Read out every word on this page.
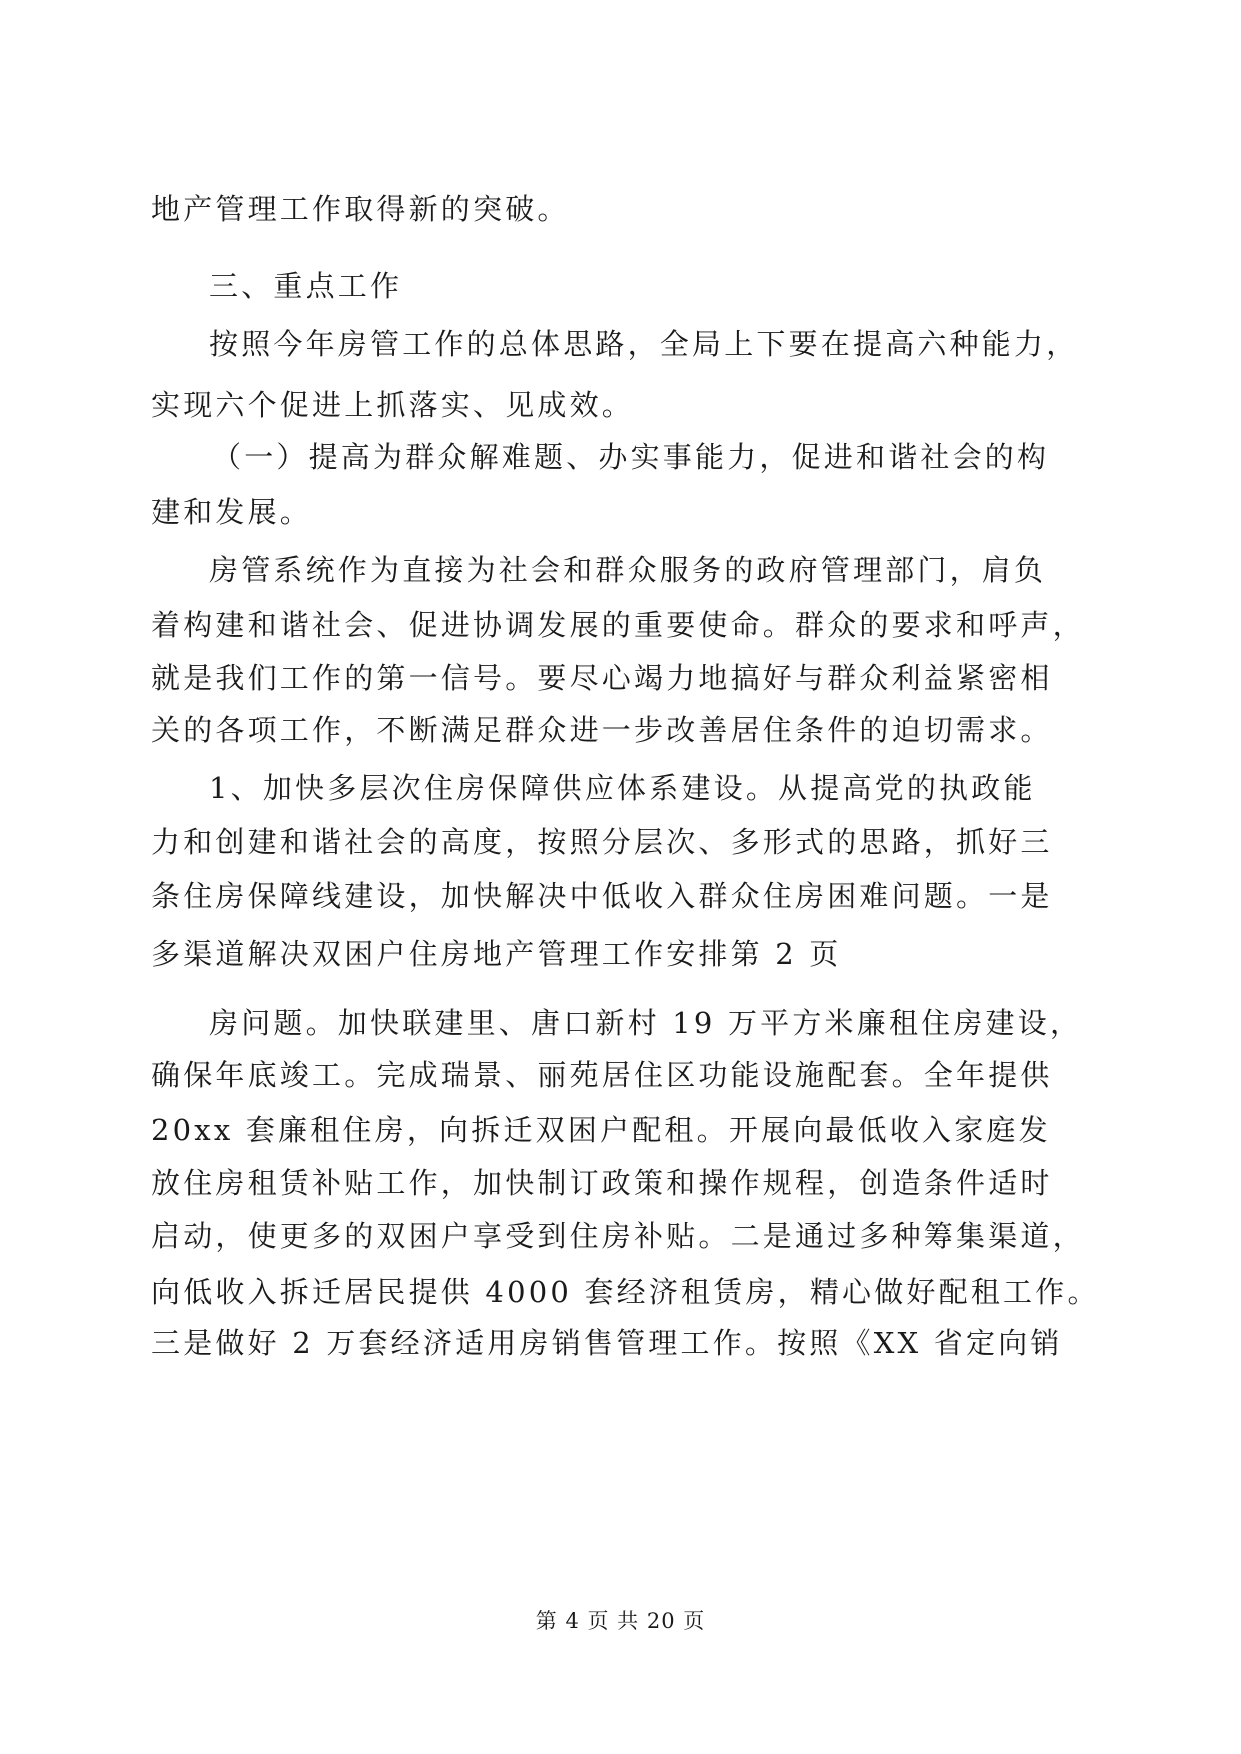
地产管理工作取得新的突破。
三、重点工作
按照今年房管工作的总体思路，全局上下要在提高六种能力，
实现六个促进上抓落实、见成效。
（一）提高为群众解难题、办实事能力，促进和谐社会的构
建和发展。
房管系统作为直接为社会和群众服务的政府管理部门，肩负
着构建和谐社会、促进协调发展的重要使命。群众的要求和呼声，
就是我们工作的第一信号。要尽心竭力地搞好与群众利益紧密相
关的各项工作，不断满足群众进一步改善居住条件的迫切需求。
1、加快多层次住房保障供应体系建设。从提高党的执政能
力和创建和谐社会的高度，按照分层次、多形式的思路，抓好三
条住房保障线建设，加快解决中低收入群众住房困难问题。一是
多渠道解决双困户住房地产管理工作安排第 2 页
房问题。加快联建里、唐口新村 19 万平方米廉租住房建设，
确保年底竣工。完成瑞景、丽苑居住区功能设施配套。全年提供
20xx 套廉租住房，向拆迁双困户配租。开展向最低收入家庭发
放住房租赁补贴工作，加快制订政策和操作规程，创造条件适时
启动，使更多的双困户享受到住房补贴。二是通过多种筹集渠道，
向低收入拆迁居民提供 4000 套经济租赁房，精心做好配租工作。
三是做好 2 万套经济适用房销售管理工作。按照《XX 省定向销
第 4 页 共 20 页
